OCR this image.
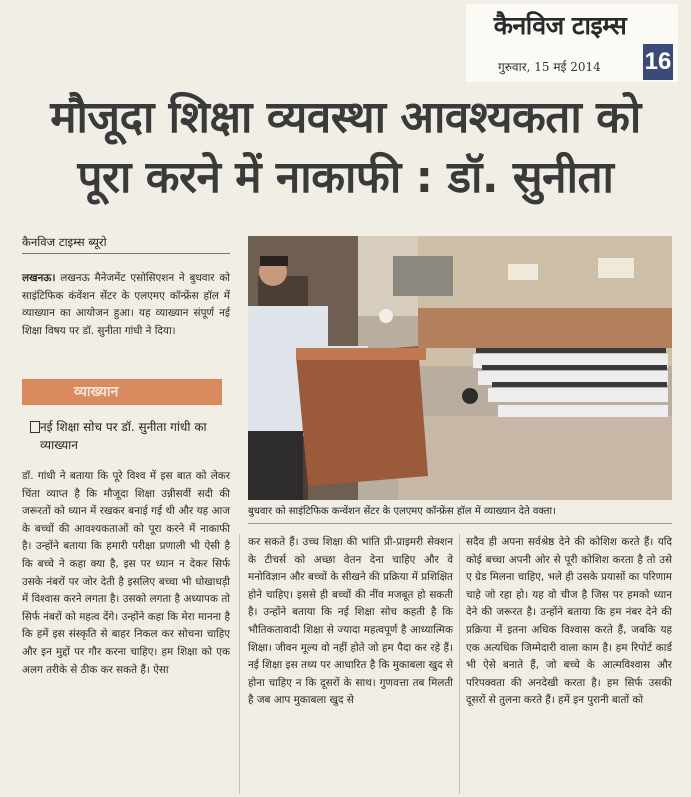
कैनविज टाइम्स
गुरुवार, 15 मई 2014 16
मौजूदा शिक्षा व्यवस्था आवश्यकता को
पूरा करने में नाकाफी : डॉ. सुनीता
कैनविज टाइम्स ब्यूरो
लखनऊ। लखनऊ मैनेजमेंट एसोसिएशन ने बुधवार को साइंटिफिक कंवेंशन सेंटर के एलएमए कॉन्फ्रेंस हॉल में व्याख्यान का आयोजन हुआ। यह व्याख्यान संपूर्ण नई शिक्षा विषय पर डॉ. सुनीता गांधी ने दिया।
व्याख्यान
नई शिक्षा सोच पर डॉ. सुनीता गांधी का व्याख्यान
डॉ. गांधी ने बताया कि पूरे विश्व में इस बात को लेकर चिंता व्याप्त है कि मौजूदा शिक्षा उन्नीसवीं सदी की जरूरतों को ध्यान में रखकर बनाई गई थी और यह आज के बच्चों की आवश्यकताओं को पूरा करने में नाकाफी है। उन्होंने बताया कि हमारी परीक्षा प्रणाली भी ऐसी है कि बच्चे ने कहा क्या है, इस पर ध्यान न देकर सिर्फ उसके नंबरों पर जोर देती है इसलिए बच्चा भी धोखाधड़ी में विश्वास करने लगता है। उसको लगता है अध्यापक तो सिर्फ नंबरों को महत्व देंगे। उन्होंने कहा कि मेरा मानना है कि हमें इस संस्कृति से बाहर निकल कर सोचना चाहिए और इन मुद्दों पर गौर करना चाहिए। हम शिक्षा को एक अलग तरीके से ठीक कर सकते हैं। ऐसा
बुधवार को साइंटिफिक कन्वेंशन सेंटर के एलएमए कॉन्फ्रेंस हॉल में व्याख्यान देते वक्ता।
कर सकते हैं। उच्च शिक्षा की भांति प्री-प्राइमरी सेक्शन के टीचर्स को अच्छा वेतन देना चाहिए और वे मनोविज्ञान और बच्चों के सीखने की प्रक्रिया में प्रशिक्षित होने चाहिए। इससे ही बच्चों की नींव मजबूत हो सकती है। उन्होंने बताया कि नई शिक्षा सोच कहती है कि भौतिकतावादी शिक्षा से ज्यादा महत्वपूर्ण है आध्यात्मिक शिक्षा। जीवन मूल्य वो नहीं होते जो हम पैदा कर रहे हैं। नई शिक्षा इस तथ्य पर आधारित है कि मुकाबला खुद से होना चाहिए न कि दूसरों के साथ। गुणवत्ता तब मिलती है जब आप मुकाबला खुद से
सदैव ही अपना सर्वश्रेष्ठ देने की कोशिश करते हैं। यदि कोई बच्चा अपनी ओर से पूरी कोशिश करता है तो उसे ए ग्रेड मिलना चाहिए, भले ही उसके प्रयासों का परिणाम चाहे जो रहा हो। यह वो चीज है जिस पर हमको ध्यान देने की जरूरत है। उन्होंने बताया कि हम नंबर देने की प्रक्रिया में इतना अधिक विश्वास करते हैं, जबकि यह एक अत्यधिक जिम्मेदारी वाला काम है। हम रिपोर्ट कार्ड भी ऐसे बनाते हैं, जो बच्चे के आत्मविश्वास और परिपक्वता की अनदेखी करता है। हम सिर्फ उसकी दूसरों से तुलना करते हैं। हमें इन पुरानी बातों को
